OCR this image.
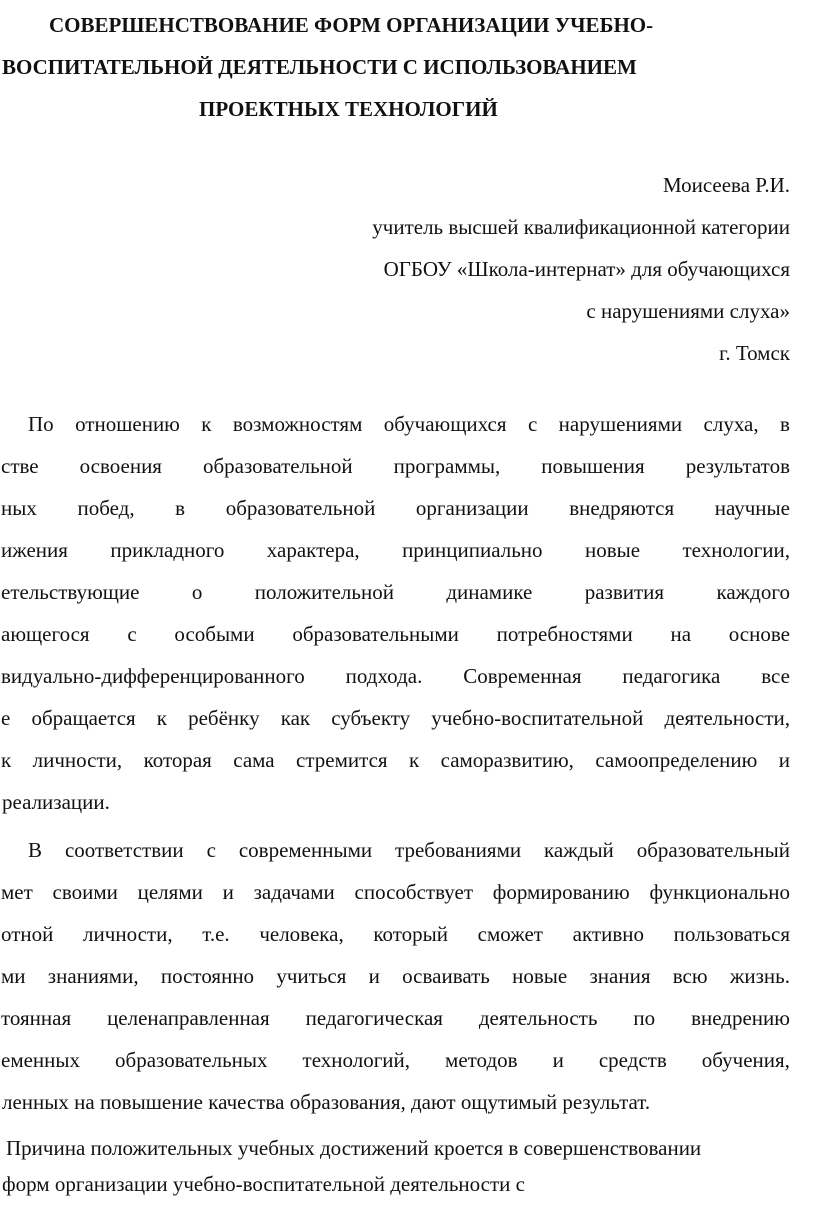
СОВЕРШЕНСТВОВАНИЕ ФОРМ ОРГАНИЗАЦИИ УЧЕБНО-
ВОСПИТАТЕЛЬНОЙ ДЕЯТЕЛЬНОСТИ С ИСПОЛЬЗОВАНИЕМ
ПРОЕКТНЫХ ТЕХНОЛОГИЙ
Моисеева Р.И.
учитель высшей квалификационной категории
ОГБОУ «Школа-интернат» для обучающихся
с нарушениями слуха»
г. Томск
По отношению к возможностям обучающихся с нарушениями слуха, в
стве освоения образовательной программы, повышения результатов
ных побед, в образовательной организации внедряются научные
ижения прикладного характера, принципиально новые технологии,
етельствующие о положительной динамике развития каждого
ающегося с особыми образовательными потребностями на основе
видуально-дифференцированного подхода. Современная педагогика все
е обращается к ребёнку как субъекту учебно-воспитательной деятельности,
к личности, которая сама стремится к саморазвитию, самоопределению и
реализации.
В соответствии с современными требованиями каждый образовательный
мет своими целями и задачами способствует формированию функционально
отной личности, т.е. человека, который сможет активно пользоваться
ми знаниями, постоянно учиться и осваивать новые знания всю жизнь.
тоянная целенаправленная педагогическая деятельность по внедрению
еменных образовательных технологий, методов и средств обучения,
ленных на повышение качества образования, дают ощутимый результат.
Причина положительных учебных достижений кроется в совершенствовании
форм организации учебно-воспитательной деятельности с
